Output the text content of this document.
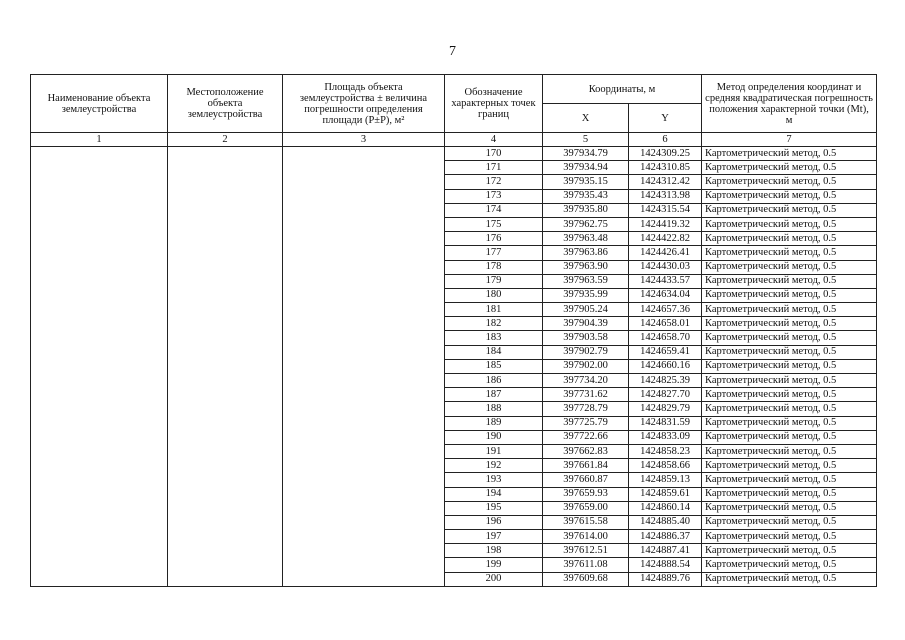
7
Наименование объекта землеустройства	Местоположение объекта землеустройства	Площадь объекта землеустройства ± величина погрешности определения площади (P±P), м²	Обозначение характерных точек границ	Координаты, м		Метод определения координат и средняя квадратическая погрешность положения характерной точки (Mt), м
				X	Y	
1	2	3	4	5	6	7
			170	397934.79	1424309.25	Картометрический метод, 0.5
			171	397934.94	1424310.85	Картометрический метод, 0.5
			172	397935.15	1424312.42	Картометрический метод, 0.5
			173	397935.43	1424313.98	Картометрический метод, 0.5
			174	397935.80	1424315.54	Картометрический метод, 0.5
			175	397962.75	1424419.32	Картометрический метод, 0.5
			176	397963.48	1424422.82	Картометрический метод, 0.5
			177	397963.86	1424426.41	Картометрический метод, 0.5
			178	397963.90	1424430.03	Картометрический метод, 0.5
			179	397963.59	1424433.57	Картометрический метод, 0.5
			180	397935.99	1424634.04	Картометрический метод, 0.5
			181	397905.24	1424657.36	Картометрический метод, 0.5
			182	397904.39	1424658.01	Картометрический метод, 0.5
			183	397903.58	1424658.70	Картометрический метод, 0.5
			184	397902.79	1424659.41	Картометрический метод, 0.5
			185	397902.00	1424660.16	Картометрический метод, 0.5
			186	397734.20	1424825.39	Картометрический метод, 0.5
			187	397731.62	1424827.70	Картометрический метод, 0.5
			188	397728.79	1424829.79	Картометрический метод, 0.5
			189	397725.79	1424831.59	Картометрический метод, 0.5
			190	397722.66	1424833.09	Картометрический метод, 0.5
			191	397662.83	1424858.23	Картометрический метод, 0.5
			192	397661.84	1424858.66	Картометрический метод, 0.5
			193	397660.87	1424859.13	Картометрический метод, 0.5
			194	397659.93	1424859.61	Картометрический метод, 0.5
			195	397659.00	1424860.14	Картометрический метод, 0.5
			196	397615.58	1424885.40	Картометрический метод, 0.5
			197	397614.00	1424886.37	Картометрический метод, 0.5
			198	397612.51	1424887.41	Картометрический метод, 0.5
			199	397611.08	1424888.54	Картометрический метод, 0.5
			200	397609.68	1424889.76	Картометрический метод, 0.5
